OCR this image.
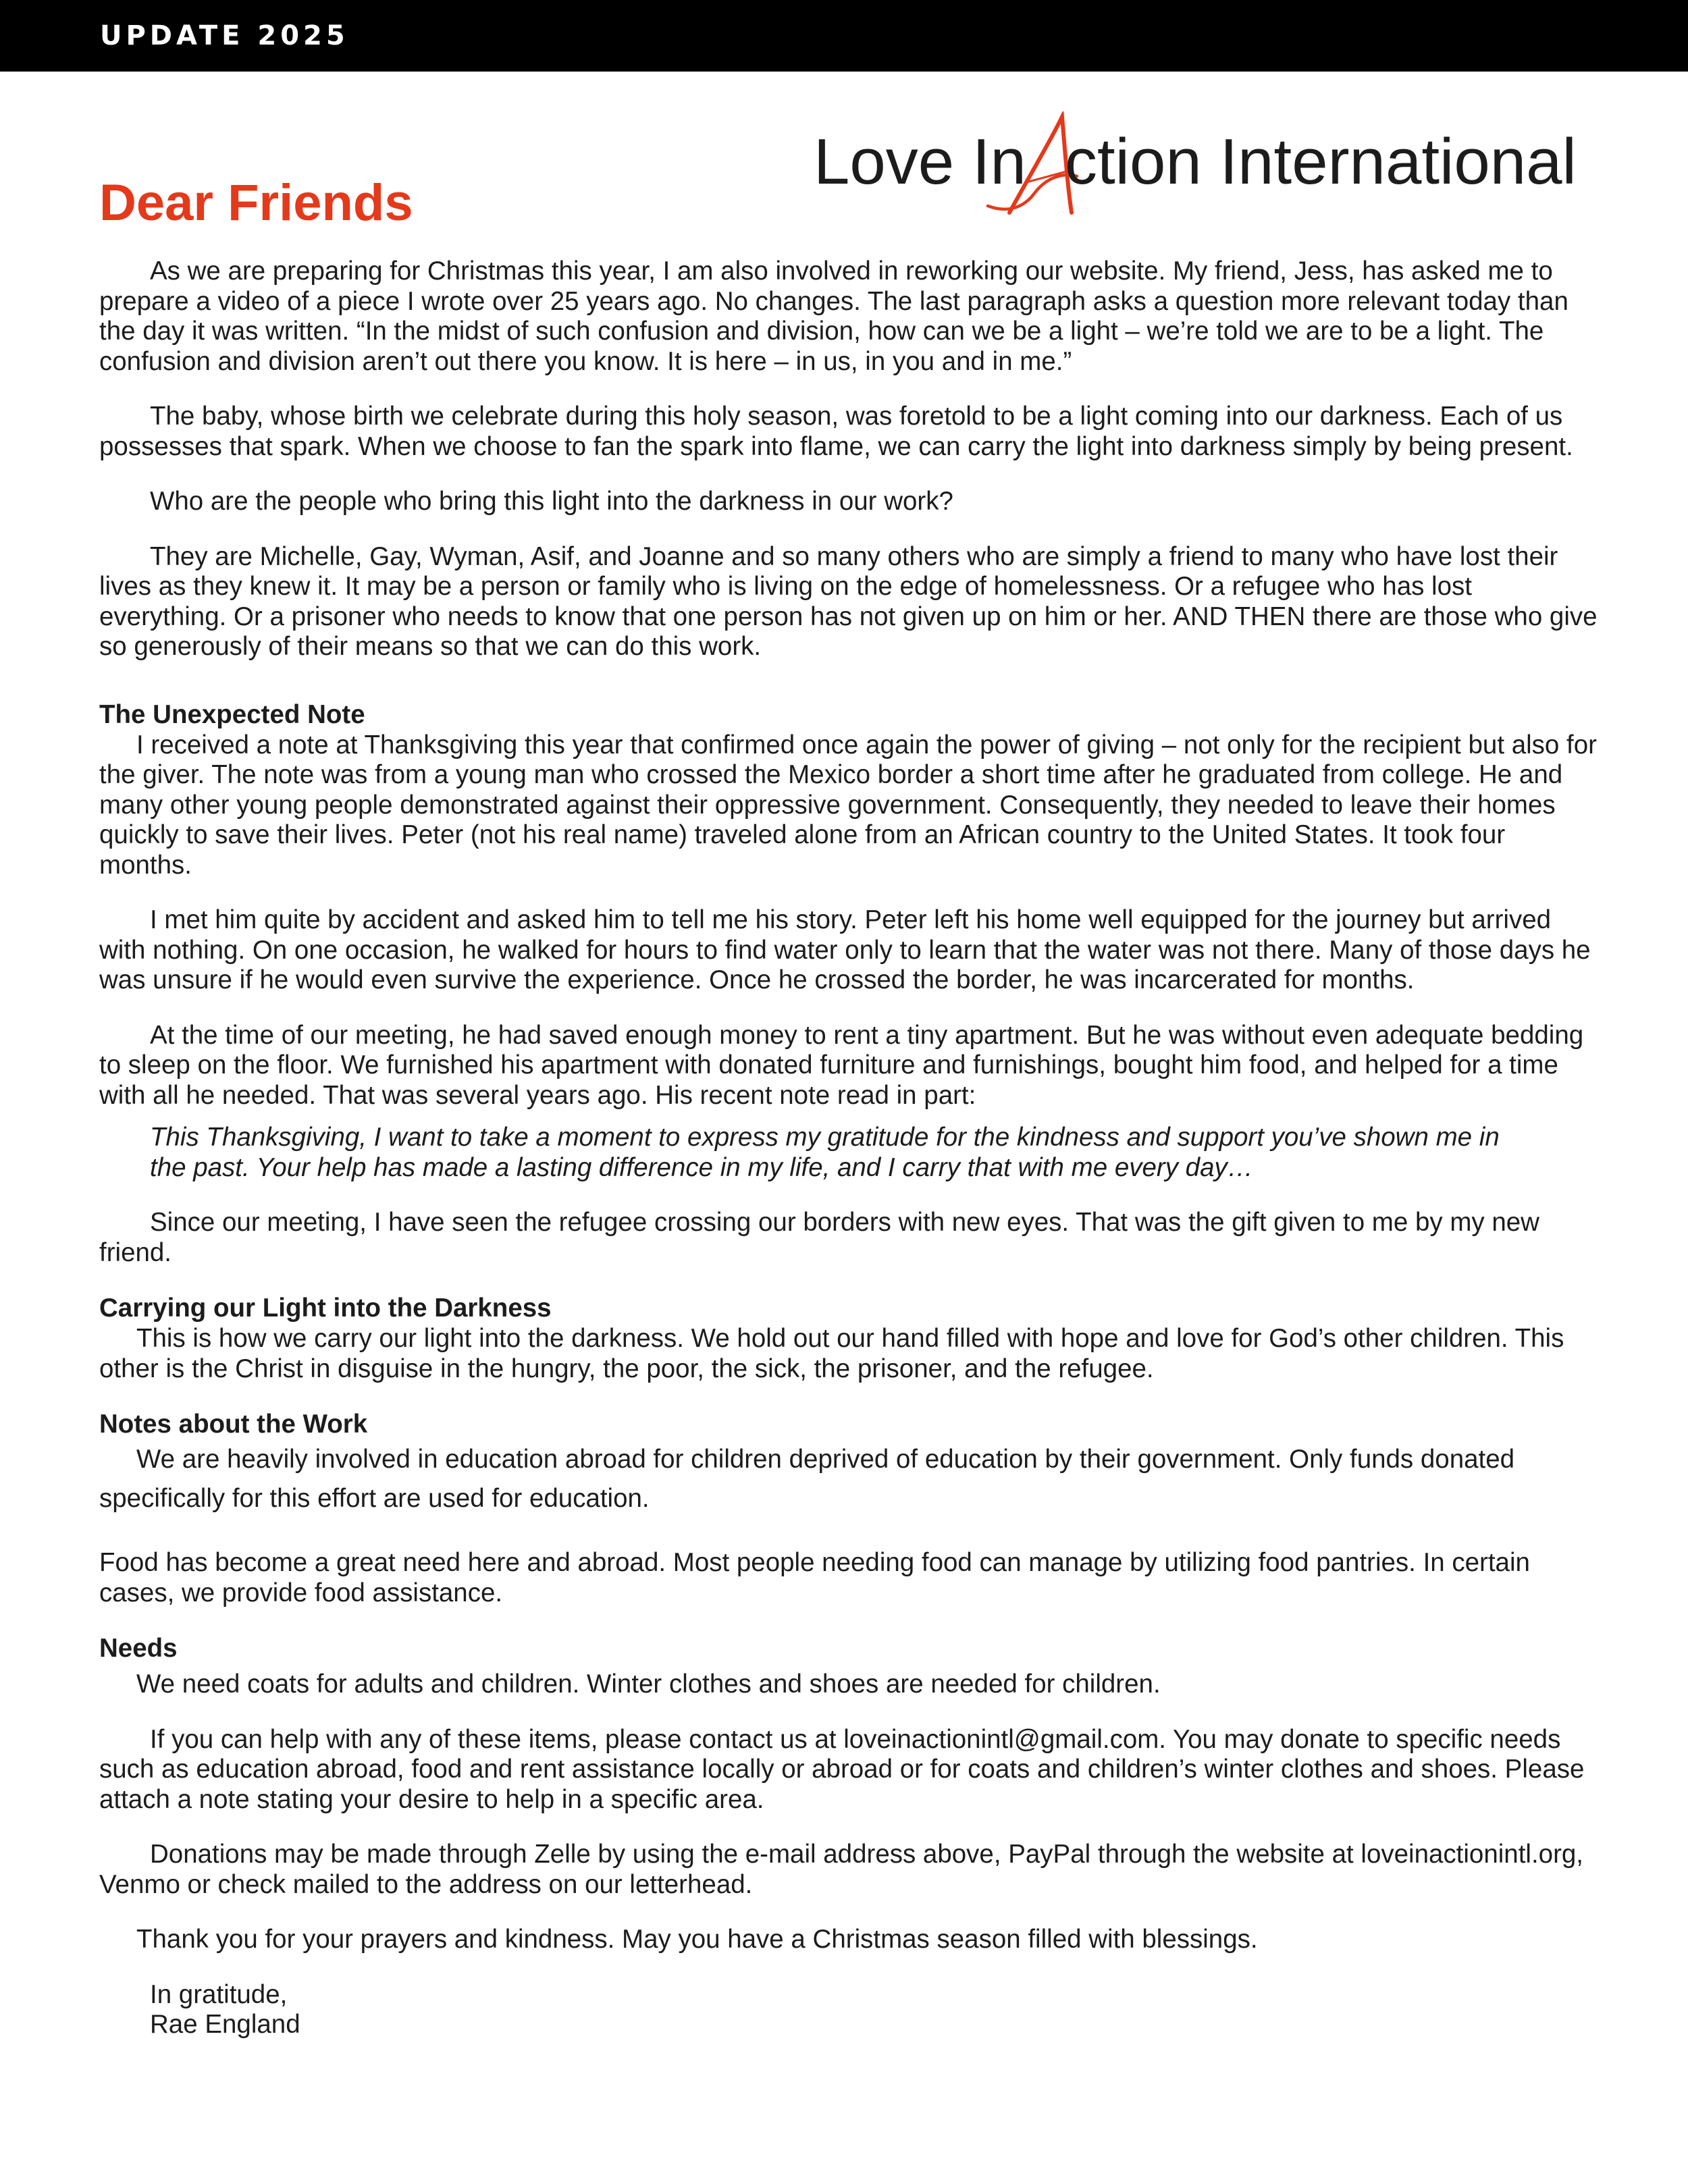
UPDATE 2025
Love In ction International
Dear Friends

As we are preparing for Christmas this year, I am also involved in reworking our website. My friend, Jess, has asked me to prepare a video of a piece I wrote over 25 years ago. No changes. The last paragraph asks a question more relevant today than the day it was written. “In the midst of such confusion and division, how can we be a light – we’re told we are to be a light. The confusion and division aren’t out there you know. It is here – in us, in you and in me.”

The baby, whose birth we celebrate during this holy season, was foretold to be a light coming into our darkness. Each of us possesses that spark. When we choose to fan the spark into flame, we can carry the light into darkness simply by being present.

Who are the people who bring this light into the darkness in our work?

They are Michelle, Gay, Wyman, Asif, and Joanne and so many others who are simply a friend to many who have lost their lives as they knew it. It may be a person or family who is living on the edge of homelessness. Or a refugee who has lost everything. Or a prisoner who needs to know that one person has not given up on him or her. AND THEN there are those who give so generously of their means so that we can do this work.

The Unexpected Note

I received a note at Thanksgiving this year that confirmed once again the power of giving – not only for the recipient but also for the giver. The note was from a young man who crossed the Mexico border a short time after he graduated from college. He and many other young people demonstrated against their oppressive government. Consequently, they needed to leave their homes quickly to save their lives. Peter (not his real name) traveled alone from an African country to the United States. It took four months.

I met him quite by accident and asked him to tell me his story. Peter left his home well equipped for the journey but arrived with nothing. On one occasion, he walked for hours to find water only to learn that the water was not there. Many of those days he was unsure if he would even survive the experience. Once he crossed the border, he was incarcerated for months.

At the time of our meeting, he had saved enough money to rent a tiny apartment. But he was without even adequate bedding to sleep on the floor. We furnished his apartment with donated furniture and furnishings, bought him food, and helped for a time with all he needed. That was several years ago. His recent note read in part:

This Thanksgiving, I want to take a moment to express my gratitude for the kindness and support you’ve shown me in the past. Your help has made a lasting difference in my life, and I carry that with me every day…

Since our meeting, I have seen the refugee crossing our borders with new eyes. That was the gift given to me by my new friend.

Carrying our Light into the Darkness

This is how we carry our light into the darkness. We hold out our hand filled with hope and love for God’s other children. This other is the Christ in disguise in the hungry, the poor, the sick, the prisoner, and the refugee.

Notes about the Work

We are heavily involved in education abroad for children deprived of education by their government. Only funds donated specifically for this effort are used for education.

Food has become a great need here and abroad. Most people needing food can manage by utilizing food pantries. In certain cases, we provide food assistance.

Needs

We need coats for adults and children. Winter clothes and shoes are needed for children.

If you can help with any of these items, please contact us at loveinactionintl@gmail.com. You may donate to specific needs such as education abroad, food and rent assistance locally or abroad or for coats and children’s winter clothes and shoes. Please attach a note stating your desire to help in a specific area.

Donations may be made through Zelle by using the e-mail address above, PayPal through the website at loveinactionintl.org, Venmo or check mailed to the address on our letterhead.

Thank you for your prayers and kindness. May you have a Christmas season filled with blessings.

In gratitude,

Rae England
